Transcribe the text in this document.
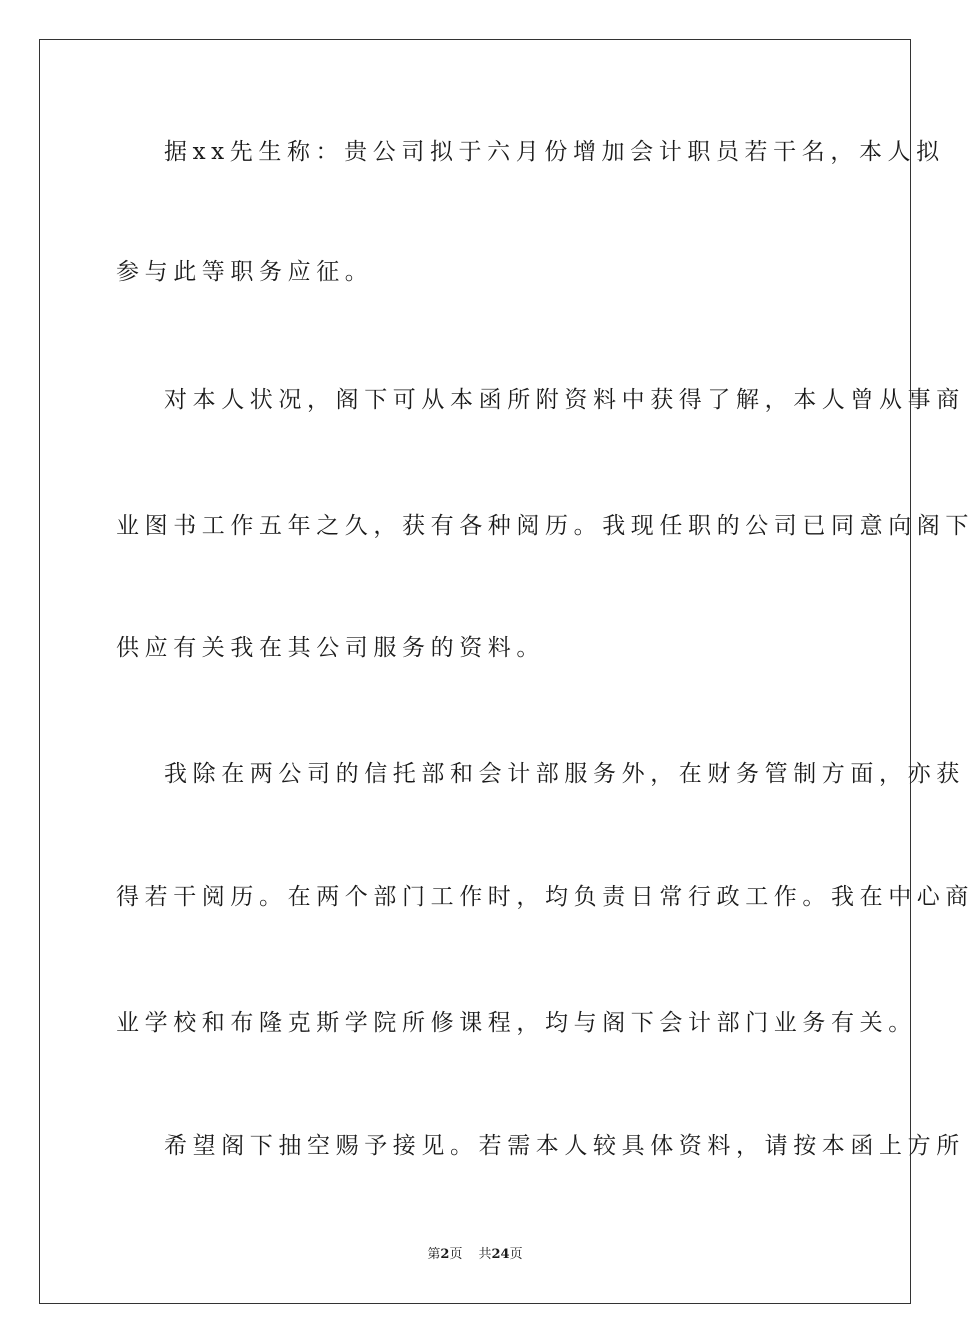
据xx先生称：贵公司拟于六月份增加会计职员若干名，本人拟
参与此等职务应征。
对本人状况，阁下可从本函所附资料中获得了解，本人曾从事商
业图书工作五年之久，获有各种阅历。我现任职的公司已同意向阁下
供应有关我在其公司服务的资料。
我除在两公司的信托部和会计部服务外，在财务管制方面，亦获
得若干阅历。在两个部门工作时，均负责日常行政工作。我在中心商
业学校和布隆克斯学院所修课程，均与阁下会计部门业务有关。
希望阁下抽空赐予接见。若需本人较具体资料，请按本函上方所
第2页 共24页
